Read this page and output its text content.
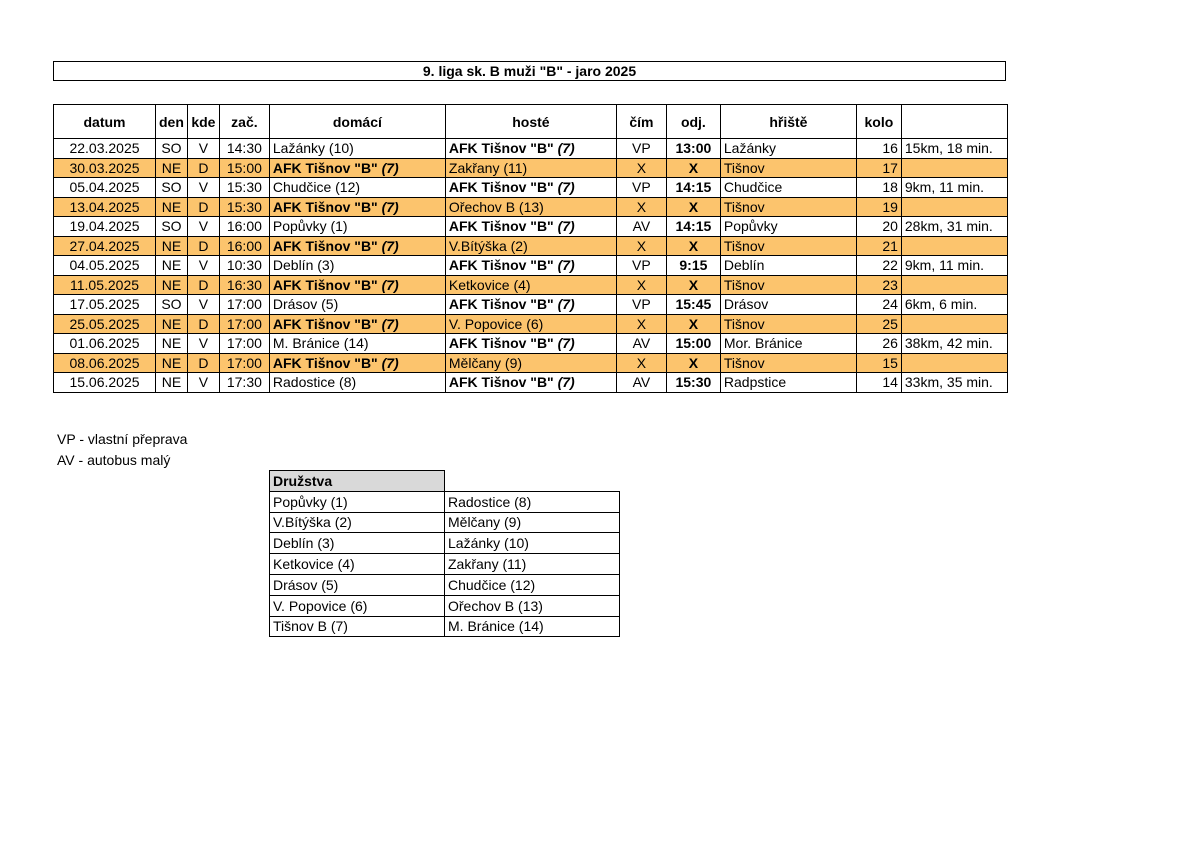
9. liga sk. B muži "B" - jaro 2025
datum	den	kde	zač.	domácí	hosté	čím	odj.	hřiště	kolo	
22.03.2025	SO	V	14:30	Lažánky (10)	AFK Tišnov "B" (7)	VP	13:00	Lažánky	16	15km, 18 min.
30.03.2025	NE	D	15:00	AFK Tišnov "B" (7)	Zakřany (11)	X	X	Tišnov	17	
05.04.2025	SO	V	15:30	Chudčice (12)	AFK Tišnov "B" (7)	VP	14:15	Chudčice	18	9km, 11 min.
13.04.2025	NE	D	15:30	AFK Tišnov "B" (7)	Ořechov B (13)	X	X	Tišnov	19	
19.04.2025	SO	V	16:00	Popůvky (1)	AFK Tišnov "B" (7)	AV	14:15	Popůvky	20	28km, 31 min.
27.04.2025	NE	D	16:00	AFK Tišnov "B" (7)	V.Bítýška (2)	X	X	Tišnov	21	
04.05.2025	NE	V	10:30	Deblín (3)	AFK Tišnov "B" (7)	VP	9:15	Deblín	22	9km, 11 min.
11.05.2025	NE	D	16:30	AFK Tišnov "B" (7)	Ketkovice (4)	X	X	Tišnov	23	
17.05.2025	SO	V	17:00	Drásov (5)	AFK Tišnov "B" (7)	VP	15:45	Drásov	24	6km, 6 min.
25.05.2025	NE	D	17:00	AFK Tišnov "B" (7)	V. Popovice (6)	X	X	Tišnov	25	
01.06.2025	NE	V	17:00	M. Bránice (14)	AFK Tišnov "B" (7)	AV	15:00	Mor. Bránice	26	38km, 42 min.
08.06.2025	NE	D	17:00	AFK Tišnov "B" (7)	Mělčany (9)	X	X	Tišnov	15	
15.06.2025	NE	V	17:30	Radostice (8)	AFK Tišnov "B" (7)	AV	15:30	Radpstice	14	33km, 35 min.
VP - vlastní přeprava
AV - autobus malý
Družstva	
Popůvky (1)	Radostice (8)
V.Bítýška (2)	Mělčany (9)
Deblín (3)	Lažánky (10)
Ketkovice (4)	Zakřany (11)
Drásov (5)	Chudčice (12)
V. Popovice (6)	Ořechov B (13)
Tišnov B (7)	M. Bránice (14)
